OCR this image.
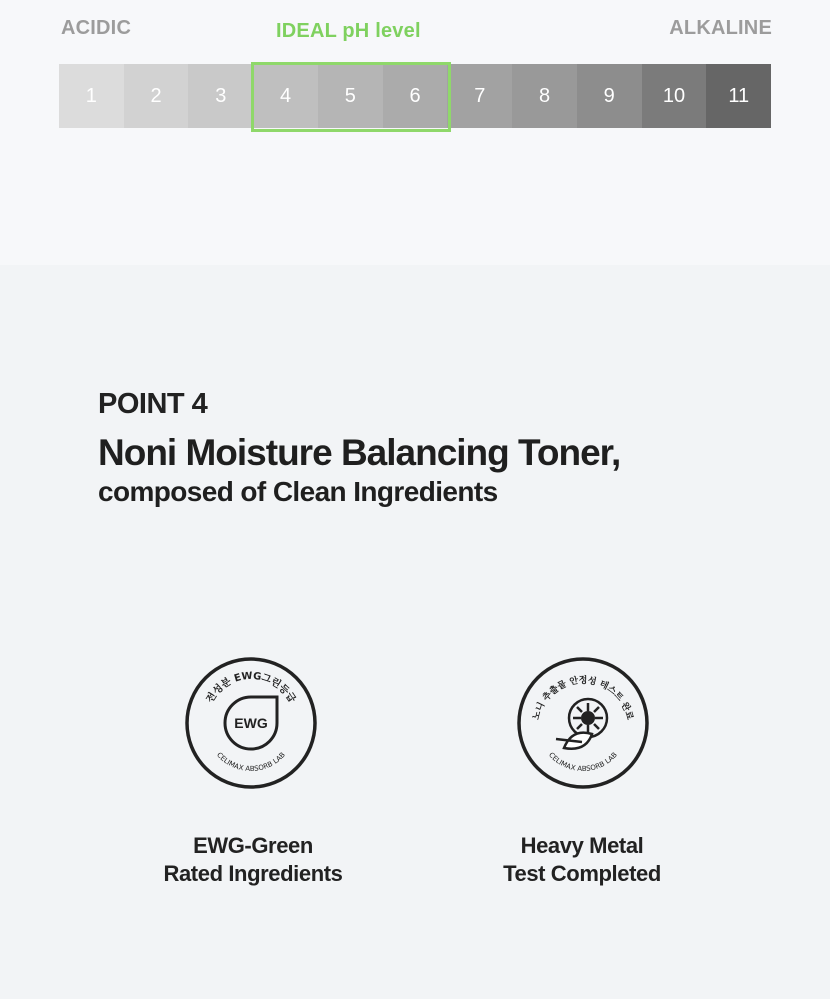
ACIDIC	IDEAL pH level	ALKALINE
1	2	3	4	5	6	7	8	9	10	11
POINT 4
Noni Moisture Balancing Toner,
composed of Clean Ingredients
전성분 EWG그린등급
CELIMAX ABSORB LAB
EWG	노니 추출물 안정성 테스트 완료
CELIMAX ABSORB LAB
EWG-Green
Rated Ingredients
Heavy Metal
Test Completed
